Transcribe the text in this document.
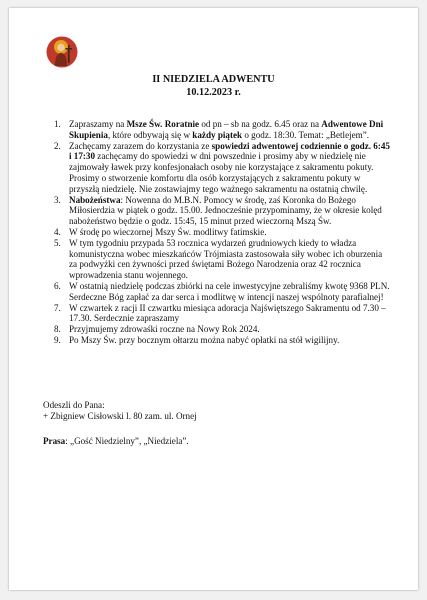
II NIEDZIELA ADWENTU
10.12.2023 r.
1. Zapraszamy na Msze Św. Roratnie od pn – sb na godz. 6.45 oraz na Adwentowe Dni Skupienia, które odbywają się w każdy piątek o godz. 18:30. Temat: „Betlejem”.
2. Zachęcamy zarazem do korzystania ze spowiedzi adwentowej codziennie o godz. 6:45 i 17:30 zachęcamy do spowiedzi w dni powszednie i prosimy aby w niedzielę nie zajmowały ławek przy konfesjonałach osoby nie korzystające z sakramentu pokuty. Prosimy o stworzenie komfortu dla osób korzystających z sakramentu pokuty w przyszłą niedzielę. Nie zostawiajmy tego ważnego sakramentu na ostatnią chwilę.
3. Nabożeństwa: Nowenna do M.B.N. Pomocy w środę, zaś Koronka do Bożego Miłosierdzia w piątek o godz. 15.00. Jednocześnie przypominamy, że w okresie kolęd nabożeństwo będzie o godz. 15:45, 15 minut przed wieczorną Mszą Św.
4. W środę po wieczornej Mszy Św. modlitwy fatimskie.
5. W tym tygodniu przypada 53 rocznica wydarzeń grudniowych kiedy to władza komunistyczna wobec mieszkańców Trójmiasta zastosowała siły wobec ich oburzenia za podwyżki cen żywności przed świętami Bożego Narodzenia oraz 42 rocznica wprowadzenia stanu wojennego.
6. W ostatnią niedzielę podczas zbiórki na cele inwestycyjne zebraliśmy kwotę 9368 PLN. Serdeczne Bóg zapłać za dar serca i modlitwę w intencji naszej wspólnoty parafialnej!
7. W czwartek z racji II czwartku miesiąca adoracja Najświętszego Sakramentu od 7.30 – 17.30. Serdecznie zapraszamy
8. Przyjmujemy zdrowaśki roczne na Nowy Rok 2024.
9. Po Mszy Św. przy bocznym ołtarzu można nabyć opłatki na stół wigilijny.

Odeszli do Pana:

+ Zbigniew Cisłowski l. 80 zam. ul. Ornej

Prasa: „Gość Niedzielny”, „Niedziela”.
